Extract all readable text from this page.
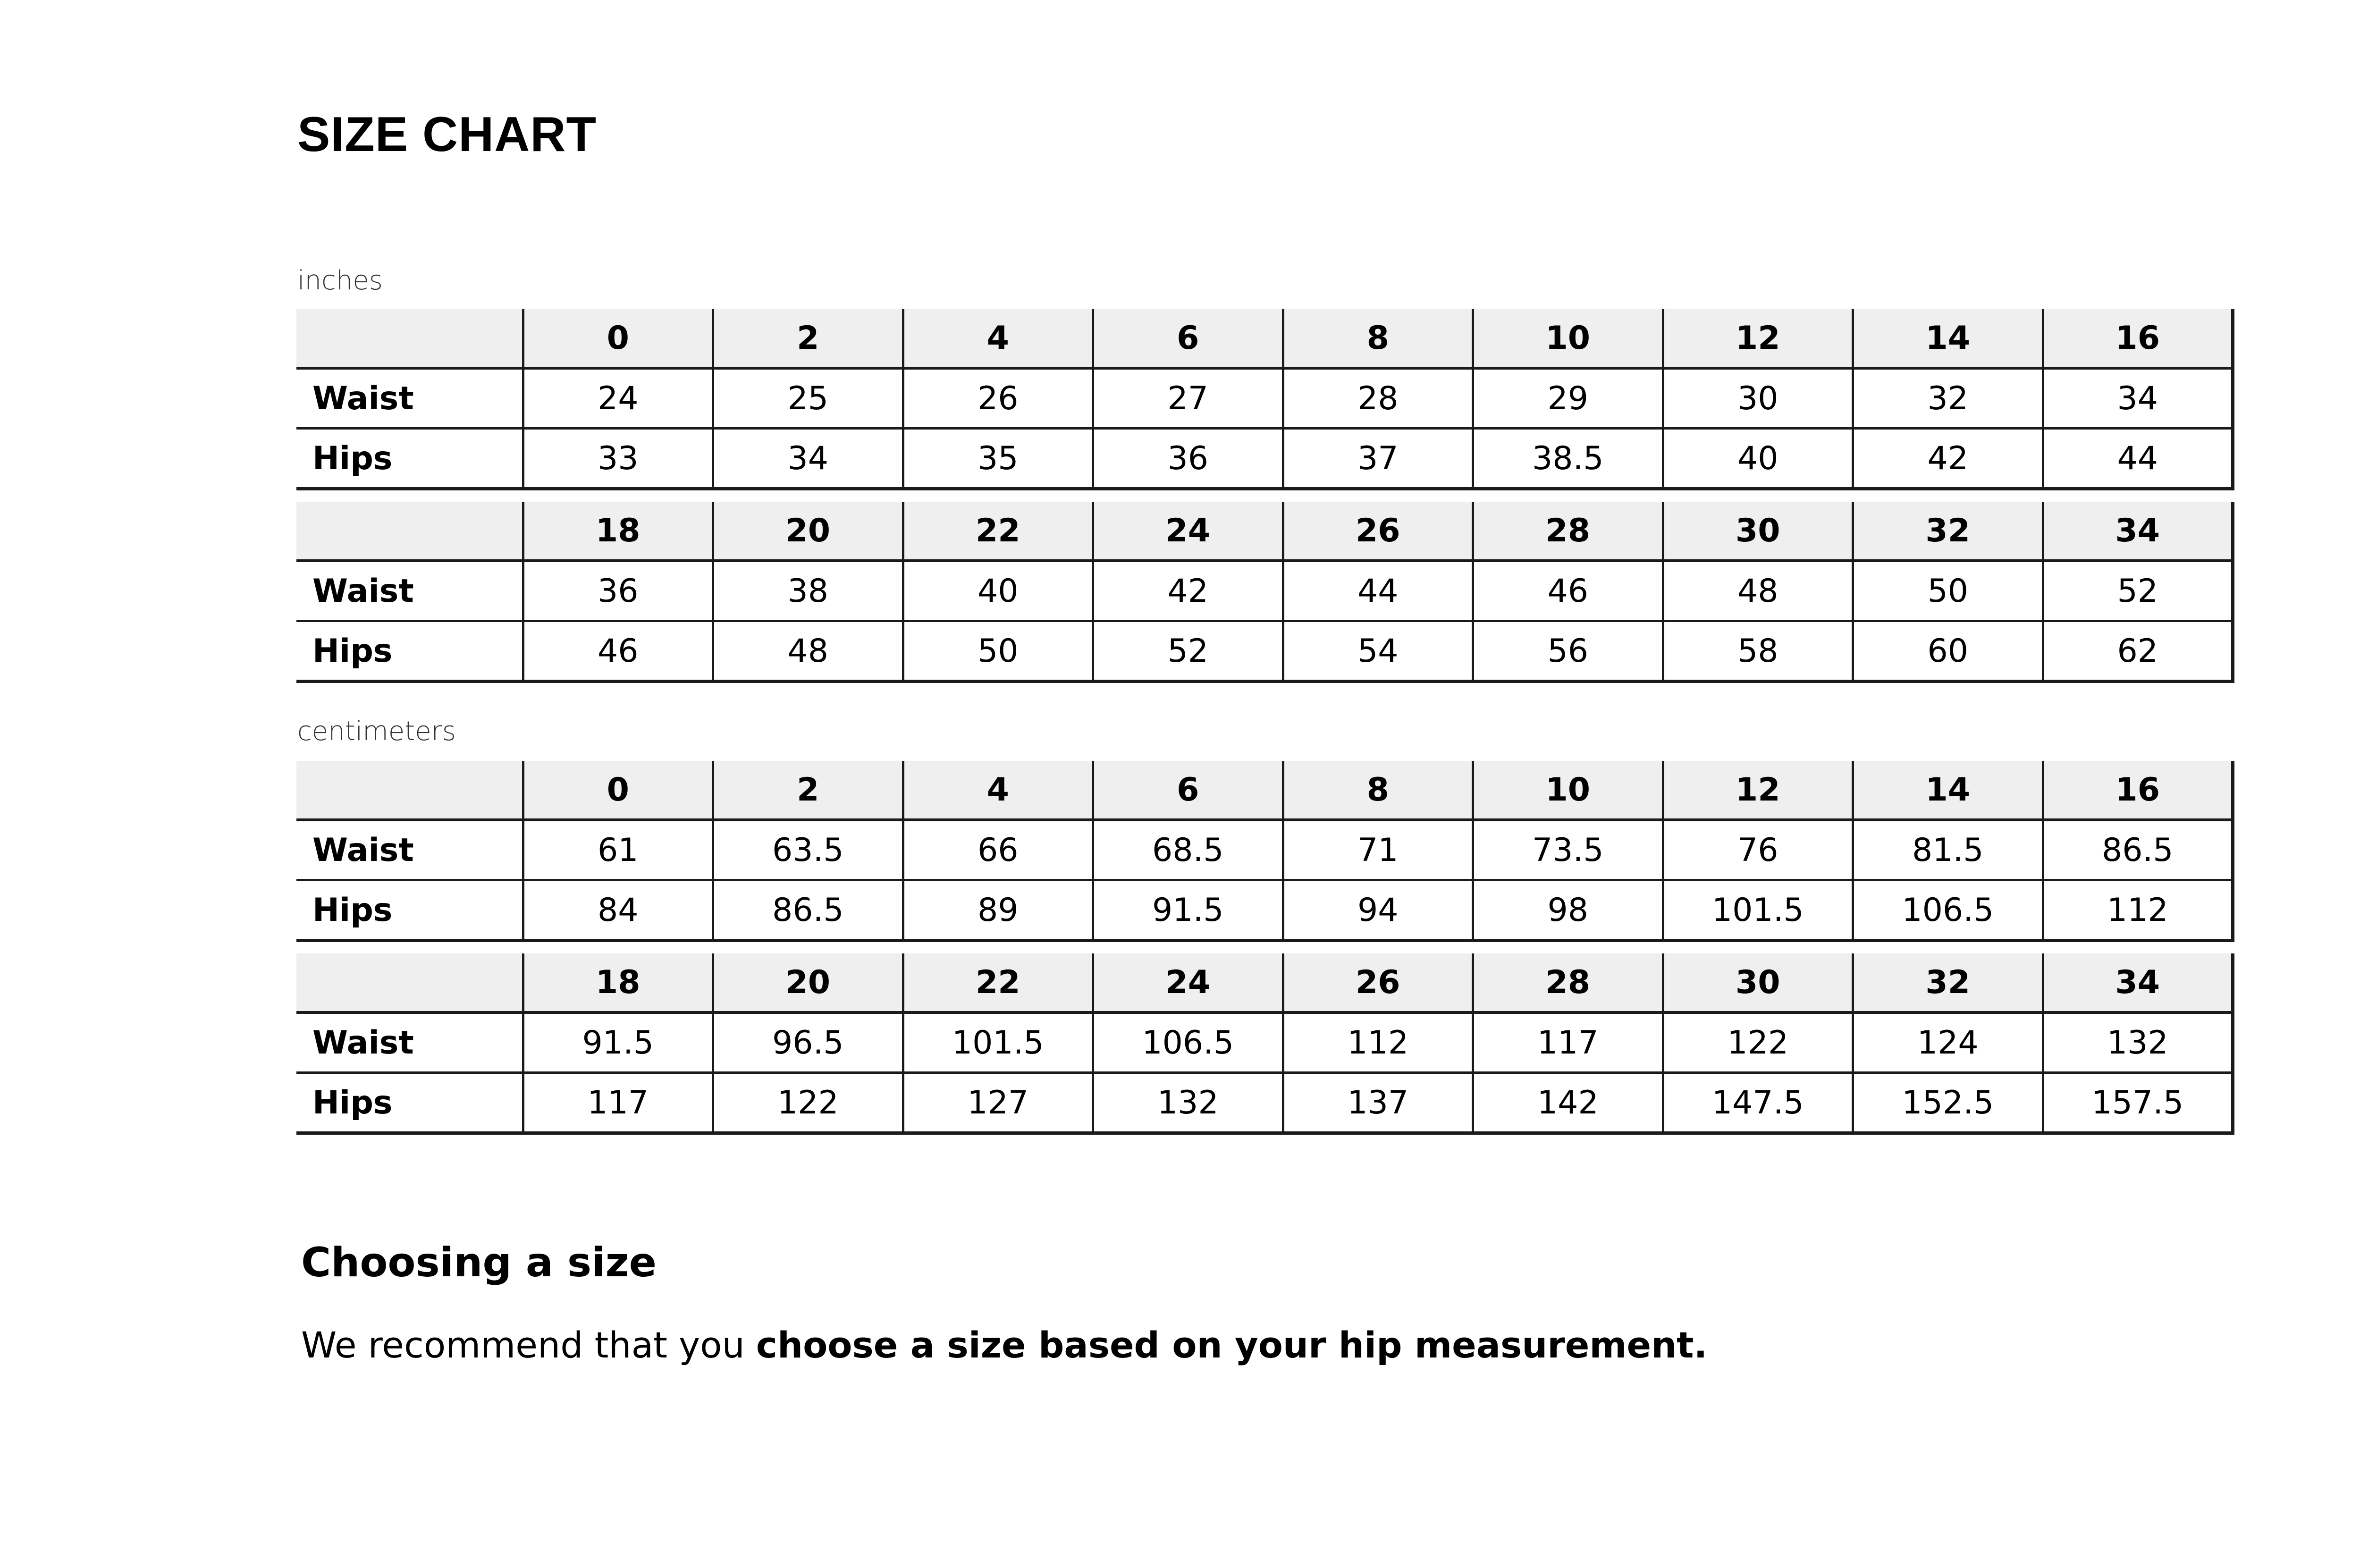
SIZE CHART

inches

	0	2	4	6	8	10	12	14	16
Waist	24	25	26	27	28	29	30	32	34
Hips	33	34	35	36	37	38.5	40	42	44
	18	20	22	24	26	28	30	32	34
Waist	36	38	40	42	44	46	48	50	52
Hips	46	48	50	52	54	56	58	60	62

centimeters

	0	2	4	6	8	10	12	14	16
Waist	61	63.5	66	68.5	71	73.5	76	81.5	86.5
Hips	84	86.5	89	91.5	94	98	101.5	106.5	112
	18	20	22	24	26	28	30	32	34
Waist	91.5	96.5	101.5	106.5	112	117	122	124	132
Hips	117	122	127	132	137	142	147.5	152.5	157.5
Choosing a size

We recommend that you choose a size based on your hip measurement.
